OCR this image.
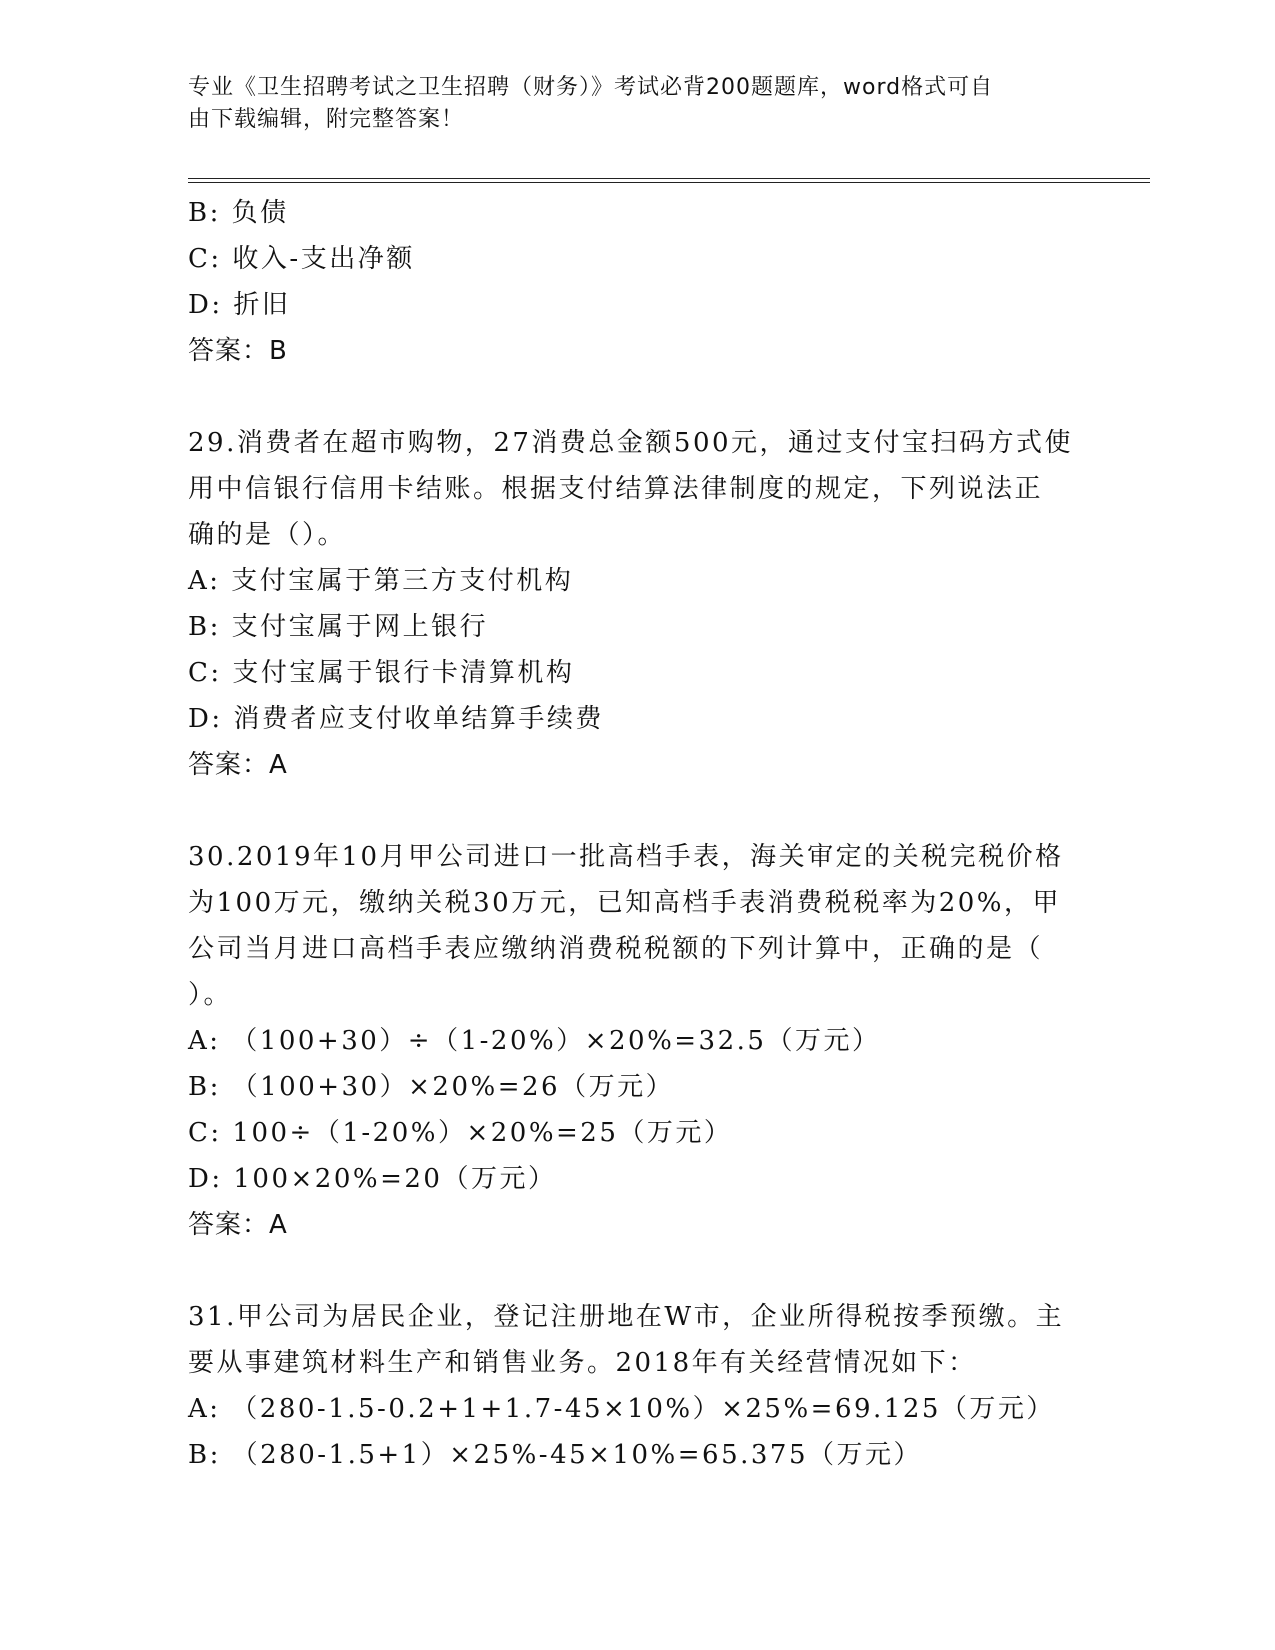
专业《卫生招聘考试之卫生招聘（财务）》考试必背200题题库，word格式可自
由下载编辑，附完整答案！
B: 负债
C: 收入-支出净额
D: 折旧
答案：B
29.消费者在超市购物，27消费总金额500元，通过支付宝扫码方式使
用中信银行信用卡结账。根据支付结算法律制度的规定，下列说法正
确的是（）。
A: 支付宝属于第三方支付机构
B: 支付宝属于网上银行
C: 支付宝属于银行卡清算机构
D: 消费者应支付收单结算手续费
答案：A
30.2019年10月甲公司进口一批高档手表，海关审定的关税完税价格
为100万元，缴纳关税30万元，已知高档手表消费税税率为20%，甲
公司当月进口高档手表应缴纳消费税税额的下列计算中，正确的是（
）。
A: （100+30）÷（1-20%）×20%=32.5（万元）
B: （100+30）×20%=26（万元）
C: 100÷（1-20%）×20%=25（万元）
D: 100×20%=20（万元）
答案：A
31.甲公司为居民企业，登记注册地在W市，企业所得税按季预缴。主
要从事建筑材料生产和销售业务。2018年有关经营情况如下：
A: （280-1.5-0.2+1+1.7-45×10%）×25%=69.125（万元）
B: （280-1.5+1）×25%-45×10%=65.375（万元）
